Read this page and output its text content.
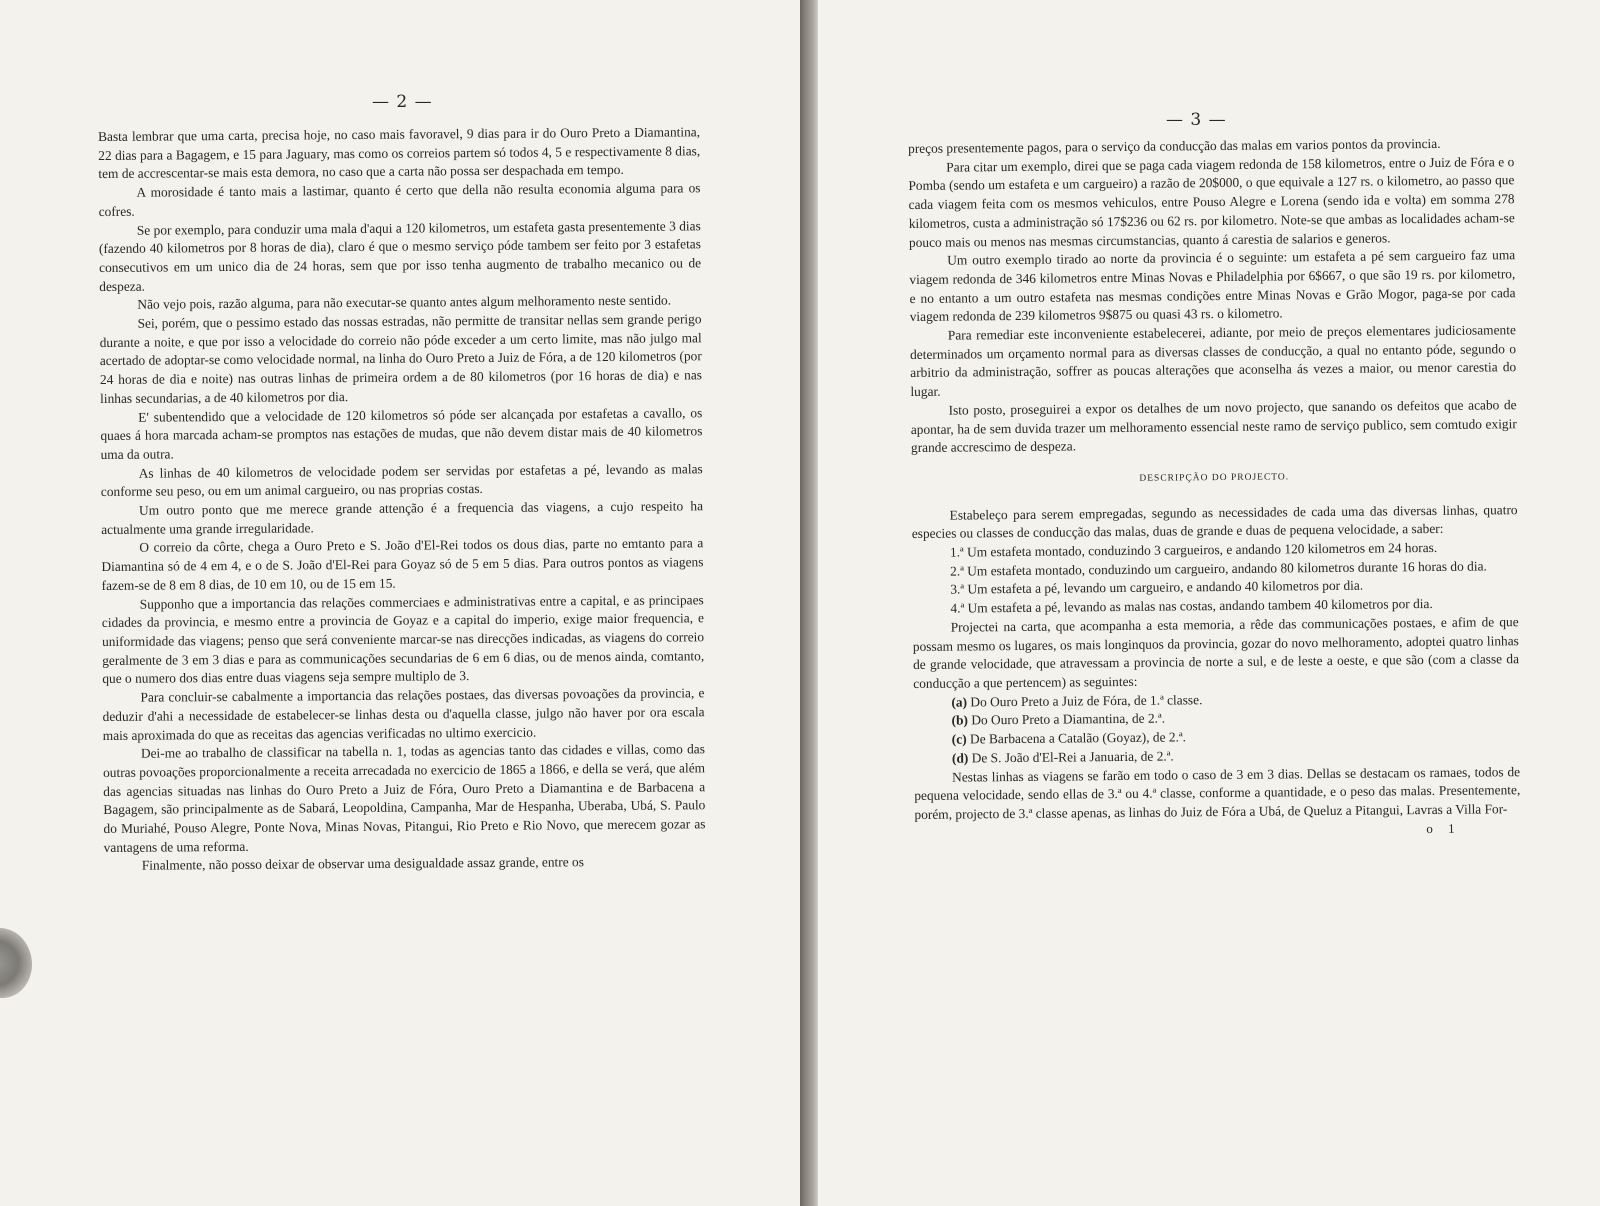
— 2 —

Basta lembrar que uma carta, precisa hoje, no caso mais favoravel, 9 dias para ir do Ouro Preto a Diamantina, 22 dias para a Bagagem, e 15 para Jaguary, mas como os correios partem só todos 4, 5 e respectivamente 8 dias, tem de accrescentar-se mais esta demora, no caso que a carta não possa ser despachada em tempo.

A morosidade é tanto mais a lastimar, quanto é certo que della não resulta economia alguma para os cofres.

Se por exemplo, para conduzir uma mala d'aqui a 120 kilometros, um estafeta gasta presentemente 3 dias (fazendo 40 kilometros por 8 horas de dia), claro é que o mesmo serviço póde tambem ser feito por 3 estafetas consecutivos em um unico dia de 24 horas, sem que por isso tenha augmento de trabalho mecanico ou de despeza.

Não vejo pois, razão alguma, para não executar-se quanto antes algum melhoramento neste sentido.

Sei, porém, que o pessimo estado das nossas estradas, não permitte de transitar nellas sem grande perigo durante a noite, e que por isso a velocidade do correio não póde exceder a um certo limite, mas não julgo mal acertado de adoptar-se como velocidade normal, na linha do Ouro Preto a Juiz de Fóra, a de 120 kilometros (por 24 horas de dia e noite) nas outras linhas de primeira ordem a de 80 kilometros (por 16 horas de dia) e nas linhas secundarias, a de 40 kilometros por dia.

E' subentendido que a velocidade de 120 kilometros só póde ser alcançada por estafetas a cavallo, os quaes á hora marcada acham-se promptos nas estações de mudas, que não devem distar mais de 40 kilometros uma da outra.

As linhas de 40 kilometros de velocidade podem ser servidas por estafetas a pé, levando as malas conforme seu peso, ou em um animal cargueiro, ou nas proprias costas.

Um outro ponto que me merece grande attenção é a frequencia das viagens, a cujo respeito ha actualmente uma grande irregularidade.

O correio da côrte, chega a Ouro Preto e S. João d'El-Rei todos os dous dias, parte no emtanto para a Diamantina só de 4 em 4, e o de S. João d'El-Rei para Goyaz só de 5 em 5 dias. Para outros pontos as viagens fazem-se de 8 em 8 dias, de 10 em 10, ou de 15 em 15.

Supponho que a importancia das relações commerciaes e administrativas entre a capital, e as principaes cidades da provincia, e mesmo entre a provincia de Goyaz e a capital do imperio, exige maior frequencia, e uniformidade das viagens; penso que será conveniente marcar-se nas direcções indicadas, as viagens do correio geralmente de 3 em 3 dias e para as communicações secundarias de 6 em 6 dias, ou de menos ainda, comtanto, que o numero dos dias entre duas viagens seja sempre multiplo de 3.

Para concluir-se cabalmente a importancia das relações postaes, das diversas povoações da provincia, e deduzir d'ahi a necessidade de estabelecer-se linhas desta ou d'aquella classe, julgo não haver por ora escala mais aproximada do que as receitas das agencias verificadas no ultimo exercicio.

Dei-me ao trabalho de classificar na tabella n. 1, todas as agencias tanto das cidades e villas, como das outras povoações proporcionalmente a receita arrecadada no exercicio de 1865 a 1866, e della se verá, que além das agencias situadas nas linhas do Ouro Preto a Juiz de Fóra, Ouro Preto a Diamantina e de Barbacena a Bagagem, são principalmente as de Sabará, Leopoldina, Campanha, Mar de Hespanha, Uberaba, Ubá, S. Paulo do Muriahé, Pouso Alegre, Ponte Nova, Minas Novas, Pitangui, Rio Preto e Rio Novo, que merecem gozar as vantagens de uma reforma.

Finalmente, não posso deixar de observar uma desigualdade assaz grande, entre os

— 3 —

preços presentemente pagos, para o serviço da conducção das malas em varios pontos da provincia.

Para citar um exemplo, direi que se paga cada viagem redonda de 158 kilometros, entre o Juiz de Fóra e o Pomba (sendo um estafeta e um cargueiro) a razão de 20$000, o que equivale a 127 rs. o kilometro, ao passo que cada viagem feita com os mesmos vehiculos, entre Pouso Alegre e Lorena (sendo ida e volta) em somma 278 kilometros, custa a administração só 17$236 ou 62 rs. por kilometro. Note-se que ambas as localidades acham-se pouco mais ou menos nas mesmas circumstancias, quanto á carestia de salarios e generos.

Um outro exemplo tirado ao norte da provincia é o seguinte: um estafeta a pé sem cargueiro faz uma viagem redonda de 346 kilometros entre Minas Novas e Philadelphia por 6$667, o que são 19 rs. por kilometro, e no entanto a um outro estafeta nas mesmas condições entre Minas Novas e Grão Mogor, paga-se por cada viagem redonda de 239 kilometros 9$875 ou quasi 43 rs. o kilometro.

Para remediar este inconveniente estabelecerei, adiante, por meio de preços elementares judiciosamente determinados um orçamento normal para as diversas classes de conducção, a qual no entanto póde, segundo o arbitrio da administração, soffrer as poucas alterações que aconselha ás vezes a maior, ou menor carestia do lugar.

Isto posto, proseguirei a expor os detalhes de um novo projecto, que sanando os defeitos que acabo de apontar, ha de sem duvida trazer um melhoramento essencial neste ramo de serviço publico, sem comtudo exigir grande accrescimo de despeza.

DESCRIPÇÃO DO PROJECTO.

Estabeleço para serem empregadas, segundo as necessidades de cada uma das diversas linhas, quatro especies ou classes de conducção das malas, duas de grande e duas de pequena velocidade, a saber:

1.ª Um estafeta montado, conduzindo 3 cargueiros, e andando 120 kilometros em 24 horas.

2.ª Um estafeta montado, conduzindo um cargueiro, andando 80 kilometros durante 16 horas do dia.

3.ª Um estafeta a pé, levando um cargueiro, e andando 40 kilometros por dia.

4.ª Um estafeta a pé, levando as malas nas costas, andando tambem 40 kilometros por dia.

Projectei na carta, que acompanha a esta memoria, a rêde das communicações postaes, e afim de que possam mesmo os lugares, os mais longinquos da provincia, gozar do novo melhoramento, adoptei quatro linhas de grande velocidade, que atravessam a provincia de norte a sul, e de leste a oeste, e que são (com a classe da conducção a que pertencem) as seguintes:

(a) Do Ouro Preto a Juiz de Fóra, de 1.ª classe.

(b) Do Ouro Preto a Diamantina, de 2.ª.

(c) De Barbacena a Catalão (Goyaz), de 2.ª.

(d) De S. João d'El-Rei a Januaria, de 2.ª.

Nestas linhas as viagens se farão em todo o caso de 3 em 3 dias. Dellas se destacam os ramaes, todos de pequena velocidade, sendo ellas de 3.ª ou 4.ª classe, conforme a quantidade, e o peso das malas. Presentemente, porém, projecto de 3.ª classe apenas, as linhas do Juiz de Fóra a Ubá, de Queluz a Pitangui, Lavras a Villa For-

o 1
